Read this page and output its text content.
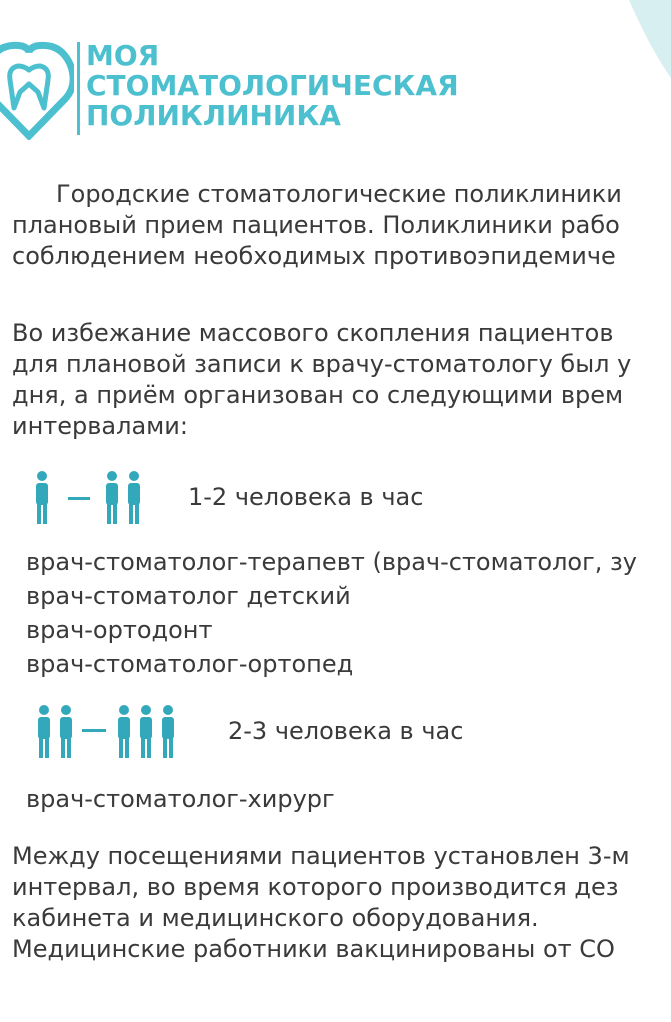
МОЯ
СТОМАТОЛОГИЧЕСКАЯ
ПОЛИКЛИНИКА
Городские стоматологические поликлиники
плановый прием пациентов. Поликлиники рабо
соблюдением необходимых противоэпидемиче
Во избежание массового скопления пациентов
для плановой записи к врачу-стоматологу был у
дня, а приём организован со следующими врем
интервалами:
1-2 человека в час
врач-стоматолог-терапевт (врач-стоматолог, зу
врач-стоматолог детский
врач-ортодонт
врач-стоматолог-ортопед
2-3 человека в час
врач-стоматолог-хирург
Между посещениями пациентов установлен 3-м
интервал, во время которого производится дез
кабинета и медицинского оборудования.
Медицинские работники вакцинированы от СО
